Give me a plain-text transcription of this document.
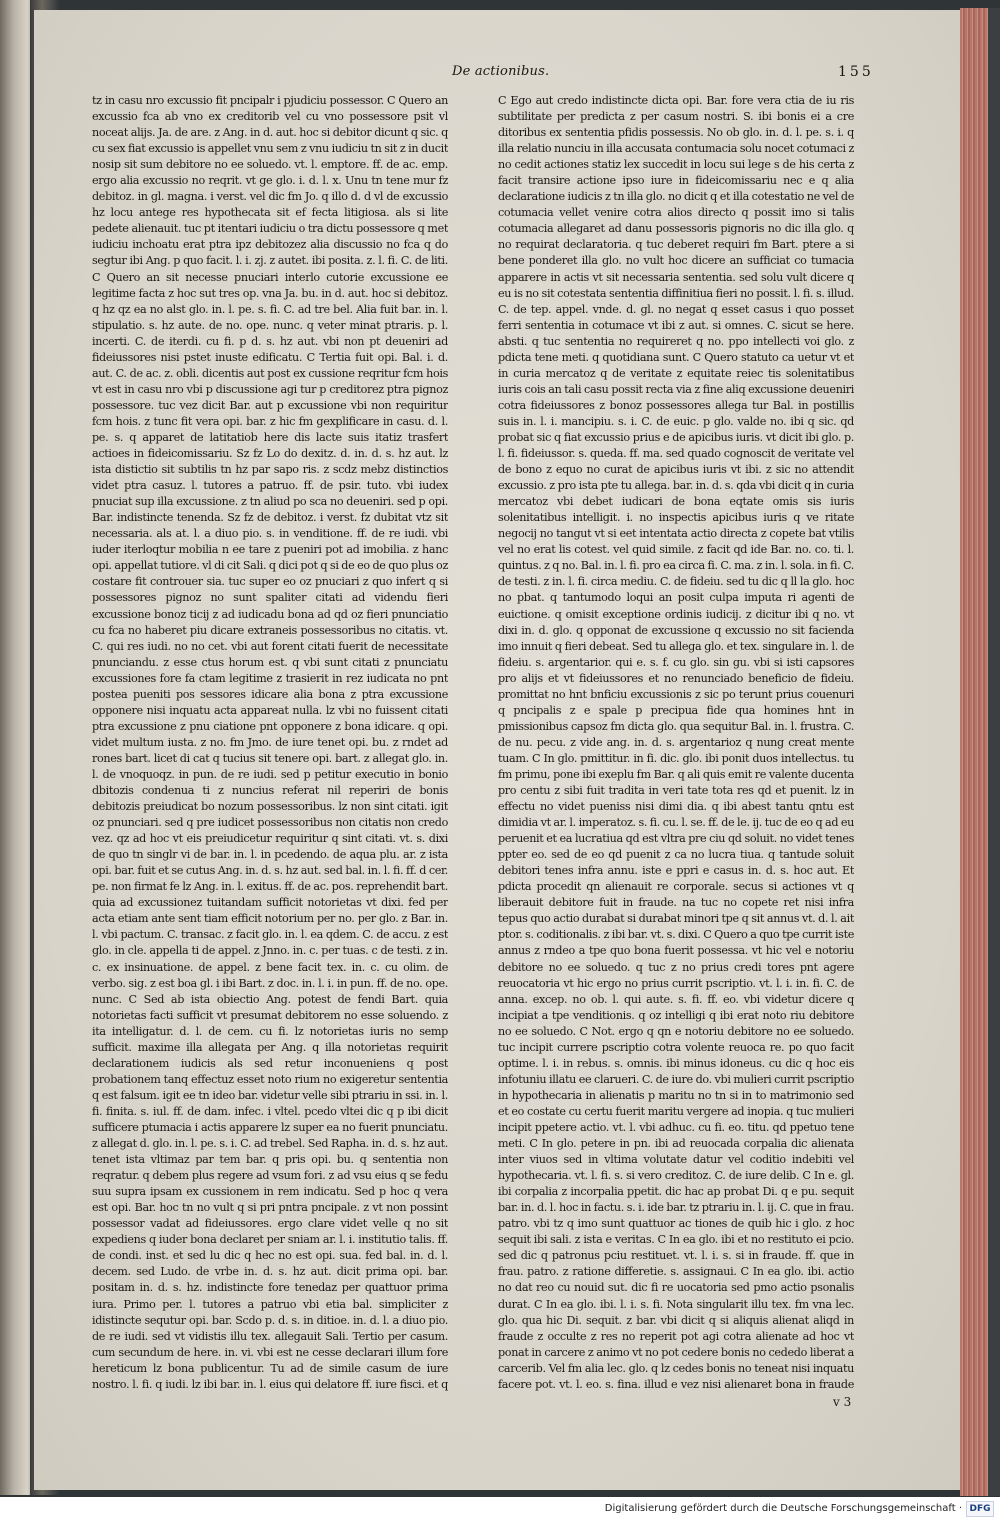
De actionibus.	155

tz in casu nro excussio fit pncipalr i pjudiciu possessor. C Quero an excussio fca ab vno ex creditorib vel cu vno possessore psit vl noceat alijs. Ja. de are. z Ang. in d. aut. hoc si debitor dicunt q sic. q cu sex fiat excussio is appellet vnu sem z vnu iudiciu tn sit z in ducit nosip sit sum debitore no ee soluedo. vt. l. emptore. ff. de ac. emp. ergo alia excussio no reqrit. vt ge glo. i. d. l. x. Unu tn tene mur fz debitoz. in gl. magna. i verst. vel dic fm Jo. q illo d. d vl de excussio hz locu antege res hypothecata sit ef fecta litigiosa. als si lite pedete alienauit. tuc pt itentari iudiciu o tra dictu possessore q met iudiciu inchoatu erat ptra ipz debitozez alia discussio no fca q do segtur ibi Ang. p quo facit. l. i. zj. z autet. ibi posita. z. l. fi. C. de liti. C Quero an sit necesse pnuciari interlo cutorie excussione ee legitime facta z hoc sut tres op. vna Ja. bu. in d. aut. hoc si debitoz. q hz qz ea no alst glo. in. l. pe. s. fi. C. ad tre bel. Alia fuit bar. in. l. stipulatio. s. hz aute. de no. ope. nunc. q veter minat ptraris. p. l. incerti. C. de iterdi. cu fi. p d. s. hz aut. vbi non pt deueniri ad fideiussores nisi pstet inuste edificatu. C Tertia fuit opi. Bal. i. d. aut. C. de ac. z. obli. dicentis aut post ex cussione reqritur fcm hois vt est in casu nro vbi p discussione agi tur p creditorez ptra pignoz possessore. tuc vez dicit Bar. aut p excussione vbi non requiritur fcm hois. z tunc fit vera opi. bar. z hic fm gexplificare in casu. d. l. pe. s. q apparet de latitatiob here dis lacte suis itatiz trasfert actioes in fideicomissariu. Sz fz Lo do dexitz. d. in. d. s. hz aut. lz ista distictio sit subtilis tn hz par sapo ris. z scdz mebz distinctios videt ptra casuz. l. tutores a patruo. ff. de psir. tuto. vbi iudex pnuciat sup illa excussione. z tn aliud po sca no deueniri. sed p opi. Bar. indistincte tenenda. Sz fz de debitoz. i verst. fz dubitat vtz sit necessaria. als at. l. a diuo pio. s. in venditione. ff. de re iudi. vbi iuder iterloqtur mobilia n ee tare z pueniri pot ad imobilia. z hanc opi. appellat tutiore. vl di cit Sali. q dici pot q si de eo de quo plus oz costare fit controuer sia. tuc super eo oz pnuciari z quo infert q si possessores pignoz no sunt spaliter citati ad videndu fieri excussione bonoz ticij z ad iudicadu bona ad qd oz fieri pnunciatio cu fca no haberet piu dicare extraneis possessoribus no citatis. vt. C. qui res iudi. no no cet. vbi aut forent citati fuerit de necessitate pnunciandu. z esse ctus horum est. q vbi sunt citati z pnunciatu excussiones fore fa ctam legitime z trasierit in rez iudicata no pnt postea pueniti pos sessores idicare alia bona z ptra excussione opponere nisi inquatu acta appareat nulla. lz vbi no fuissent citati ptra excussione z pnu ciatione pnt opponere z bona idicare. q opi. videt multum iusta. z no. fm Jmo. de iure tenet opi. bu. z rndet ad rones bart. licet di cat q tucius sit tenere opi. bart. z allegat glo. in. l. de vnoquoqz. in pun. de re iudi. sed p petitur executio in bonio dbitozis condenua ti z nuncius referat nil reperiri de bonis debitozis preiudicat bo nozum possessoribus. lz non sint citati. igit oz pnunciari. sed q pre iudicet possessoribus non citatis non credo vez. qz ad hoc vt eis preiudicetur requiritur q sint citati. vt. s. dixi de quo tn singlr vi de bar. in. l. in pcedendo. de aqua plu. ar. z ista opi. bar. fuit et se cutus Ang. in. d. s. hz aut. sed bal. in. l. fi. ff. d cer. pe. non firmat fe lz Ang. in. l. exitus. ff. de ac. pos. reprehendit bart. quia ad excussionez tuitandam sufficit notorietas vt dixi. fed per acta etiam ante sent tiam efficit notorium per no. per glo. z Bar. in. l. vbi pactum. C. transac. z facit glo. in. l. ea qdem. C. de accu. z est glo. in cle. appella ti de appel. z Jnno. in. c. per tuas. c de testi. z in. c. ex insinuatione. de appel. z bene facit tex. in. c. cu olim. de verbo. sig. z est boa gl. i ibi Bart. z doc. in. l. i. in pun. ff. de no. ope. nunc. C Sed ab ista obiectio Ang. potest de fendi Bart. quia notorietas facti sufficit vt presumat debitorem no esse soluendo. z ita intelligatur. d. l. de cem. cu fi. lz notorietas iuris no semp sufficit. maxime illa allegata per Ang. q illa notorietas requirit declarationem iudicis als sed retur inconueniens q post probationem tanq effectuz esset noto rium no exigeretur sententia q est falsum. igit ee tn ideo bar. videtur velle sibi ptrariu in ssi. in. l. fi. finita. s. iul. ff. de dam. infec. i vltel. pcedo vltei dic q p ibi dicit sufficere ptumacia i actis apparere lz super ea no fuerit pnunciatu. z allegat d. glo. in. l. pe. s. i. C. ad trebel. Sed Rapha. in. d. s. hz aut. tenet ista vltimaz par tem bar. q pris opi. bu. q sententia non reqratur. q debem plus regere ad vsum fori. z ad vsu eius q se fedu suu supra ipsam ex cussionem in rem indicatu. Sed p hoc q vera est opi. Bar. hoc tn no vult q si pri pntra pncipale. z vt non possint possessor vadat ad fideiussores. ergo clare videt velle q no sit expediens q iuder bona declaret per sniam ar. l. i. institutio talis. ff. de condi. inst. et sed lu dic q hec no est opi. sua. fed bal. in. d. l. decem. sed Ludo. de vrbe in. d. s. hz aut. dicit prima opi. bar. positam in. d. s. hz. indistincte fore tenedaz per quattuor prima iura. Primo per. l. tutores a patruo vbi etia bal. simpliciter z idistincte sequtur opi. bar. Scdo p. d. s. in ditioe. in. d. l. a diuo pio. de re iudi. sed vt vidistis illu tex. allegauit Sali. Tertio per casum. cum secundum de here. in. vi. vbi est ne cesse declarari illum fore hereticum lz bona publicentur. Tu ad de simile casum de iure nostro. l. fi. q iudi. lz ibi bar. in. l. eius qui delatore ff. iure fisci. et q

C Ego aut credo indistincte dicta opi. Bar. fore vera ctia de iu ris subtilitate per predicta z per casum nostri. S. ibi bonis ei a cre ditoribus ex sententia pfidis possessis. No ob glo. in. d. l. pe. s. i. q illa relatio nunciu in illa accusata contumacia solu nocet cotumaci z no cedit actiones statiz lex succedit in locu sui lege s de his certa z facit transire actione ipso iure in fideicomissariu nec e q alia declaratione iudicis z tn illa glo. no dicit q et illa cotestatio ne vel de cotumacia vellet venire cotra alios directo q possit imo si talis cotumacia allegaret ad danu possessoris pignoris no dic illa glo. q no requirat declaratoria. q tuc deberet requiri fm Bart. ptere a si bene ponderet illa glo. no vult hoc dicere an sufficiat co tumacia apparere in actis vt sit necessaria sententia. sed solu vult dicere q eu is no sit cotestata sententia diffinitiua fieri no possit. l. fi. s. illud. C. de tep. appel. vnde. d. gl. no negat q esset casus i quo posset ferri sententia in cotumace vt ibi z aut. si omnes. C. sicut se here. absti. q tuc sententia no requireret q no. ppo intellecti voi glo. z pdicta tene meti. q quotidiana sunt. C Quero statuto ca uetur vt et in curia mercatoz q de veritate z equitate reiec tis solenitatibus iuris cois an tali casu possit recta via z fine aliq excussione deueniri cotra fideiussores z bonoz possessores allega tur Bal. in postillis suis in. l. i. mancipiu. s. i. C. de euic. p glo. valde no. ibi q sic. qd probat sic q fiat excussio prius e de apicibus iuris. vt dicit ibi glo. p. l. fi. fideiussor. s. queda. ff. ma. sed quado cognoscit de veritate vel de bono z equo no curat de apicibus iuris vt ibi. z sic no attendit excussio. z pro ista pte tu allega. bar. in. d. s. qda vbi dicit q in curia mercatoz vbi debet iudicari de bona eqtate omis sis iuris solenitatibus intelligit. i. no inspectis apicibus iuris q ve ritate negocij no tangut vt si eet intentata actio directa z copete bat vtilis vel no erat lis cotest. vel quid simile. z facit qd ide Bar. no. co. ti. l. quintus. z q no. Bal. in. l. fi. pro ea circa fi. C. ma. z in. l. sola. in fi. C. de testi. z in. l. fi. circa mediu. C. de fideiu. sed tu dic q ll la glo. hoc no pbat. q tantumodo loqui an posit culpa imputa ri agenti de euictione. q omisit exceptione ordinis iudicij. z dicitur ibi q no. vt dixi in. d. glo. q opponat de excussione q excussio no sit facienda imo innuit q fieri debeat. Sed tu allega glo. et tex. singulare in. l. de fideiu. s. argentarior. qui e. s. f. cu glo. sin gu. vbi si isti capsores pro alijs et vt fideiussores et no renunciado beneficio de fideiu. promittat no hnt bnficiu excussionis z sic po terunt prius couenuri q pncipalis z e spale p precipua fide qua homines hnt in pmissionibus capsoz fm dicta glo. qua sequitur Bal. in. l. frustra. C. de nu. pecu. z vide ang. in. d. s. argentarioz q nung creat mente tuam. C In glo. pmittitur. in fi. dic. glo. ibi ponit duos intellectus. tu fm primu, pone ibi exeplu fm Bar. q ali quis emit re valente ducenta pro centu z sibi fuit tradita in veri tate tota res qd et puenit. lz in effectu no videt pueniss nisi dimi dia. q ibi abest tantu qntu est dimidia vt ar. l. imperatoz. s. fi. cu. l. se. ff. de le. ij. tuc de eo q ad eu peruenit et ea lucratiua qd est vltra pre ciu qd soluit. no videt tenes ppter eo. sed de eo qd puenit z ca no lucra tiua. q tantude soluit debitori tenes infra annu. iste e ppri e casus in. d. s. hoc aut. Et pdicta procedit qn alienauit re corporale. secus si actiones vt q liberauit debitore fuit in fraude. na tuc no copete ret nisi infra tepus quo actio durabat si durabat minori tpe q sit annus vt. d. l. ait ptor. s. coditionalis. z ibi bar. vt. s. dixi. C Quero a quo tpe currit iste annus z rndeo a tpe quo bona fuerit possessa. vt hic vel e notoriu debitore no ee soluedo. q tuc z no prius credi tores pnt agere reuocatoria vt hic ergo no prius currit pscriptio. vt. l. i. in. fi. C. de anna. excep. no ob. l. qui aute. s. fi. ff. eo. vbi videtur dicere q incipiat a tpe venditionis. q oz intelligi q ibi erat noto riu debitore no ee soluedo. C Not. ergo q qn e notoriu debitore no ee soluedo. tuc incipit currere pscriptio cotra volente reuoca re. po quo facit optime. l. i. in rebus. s. omnis. ibi minus idoneus. cu dic q hoc eis infotuniu illatu ee clarueri. C. de iure do. vbi mulieri currit pscriptio in hypothecaria in alienatis p maritu no tn si in to matrimonio sed et eo costate cu certu fuerit maritu vergere ad inopia. q tuc mulieri incipit ppetere actio. vt. l. vbi adhuc. cu fi. eo. titu. qd ppetuo tene meti. C In glo. petere in pn. ibi ad reuocada corpalia dic alienata inter viuos sed in vltima volutate datur vel coditio indebiti vel hypothecaria. vt. l. fi. s. si vero creditoz. C. de iure delib. C In e. gl. ibi corpalia z incorpalia ppetit. dic hac ap probat Di. q e pu. sequit bar. in. d. l. hoc in factu. s. i. ide bar. tz ptrariu in. l. ij. C. que in frau. patro. vbi tz q imo sunt quattuor ac tiones de quib hic i glo. z hoc sequit ibi sali. z ista e veritas. C In ea glo. ibi et no restituto ei pcio. sed dic q patronus pciu restituet. vt. l. i. s. si in fraude. ff. que in frau. patro. z ratione differetie. s. assignaui. C In ea glo. ibi. actio no dat reo cu nouid sut. dic fi re uocatoria sed pmo actio psonalis durat. C In ea glo. ibi. l. i. s. fi. Nota singularit illu tex. fm vna lec. glo. qua hic Di. sequit. z bar. vbi dicit q si aliquis alienat aliqd in fraude z occulte z res no reperit pot agi cotra alienate ad hoc vt ponat in carcere z animo vt no pot cedere bonis no cededo liberat a carcerib. Vel fm alia lec. glo. q lz cedes bonis no teneat nisi inquatu facere pot. vt. l. eo. s. fina. illud e vez nisi alienaret bona in fraude

v 3
Digitalisierung gefördert durch die Deutsche Forschungsgemeinschaft · DFG
